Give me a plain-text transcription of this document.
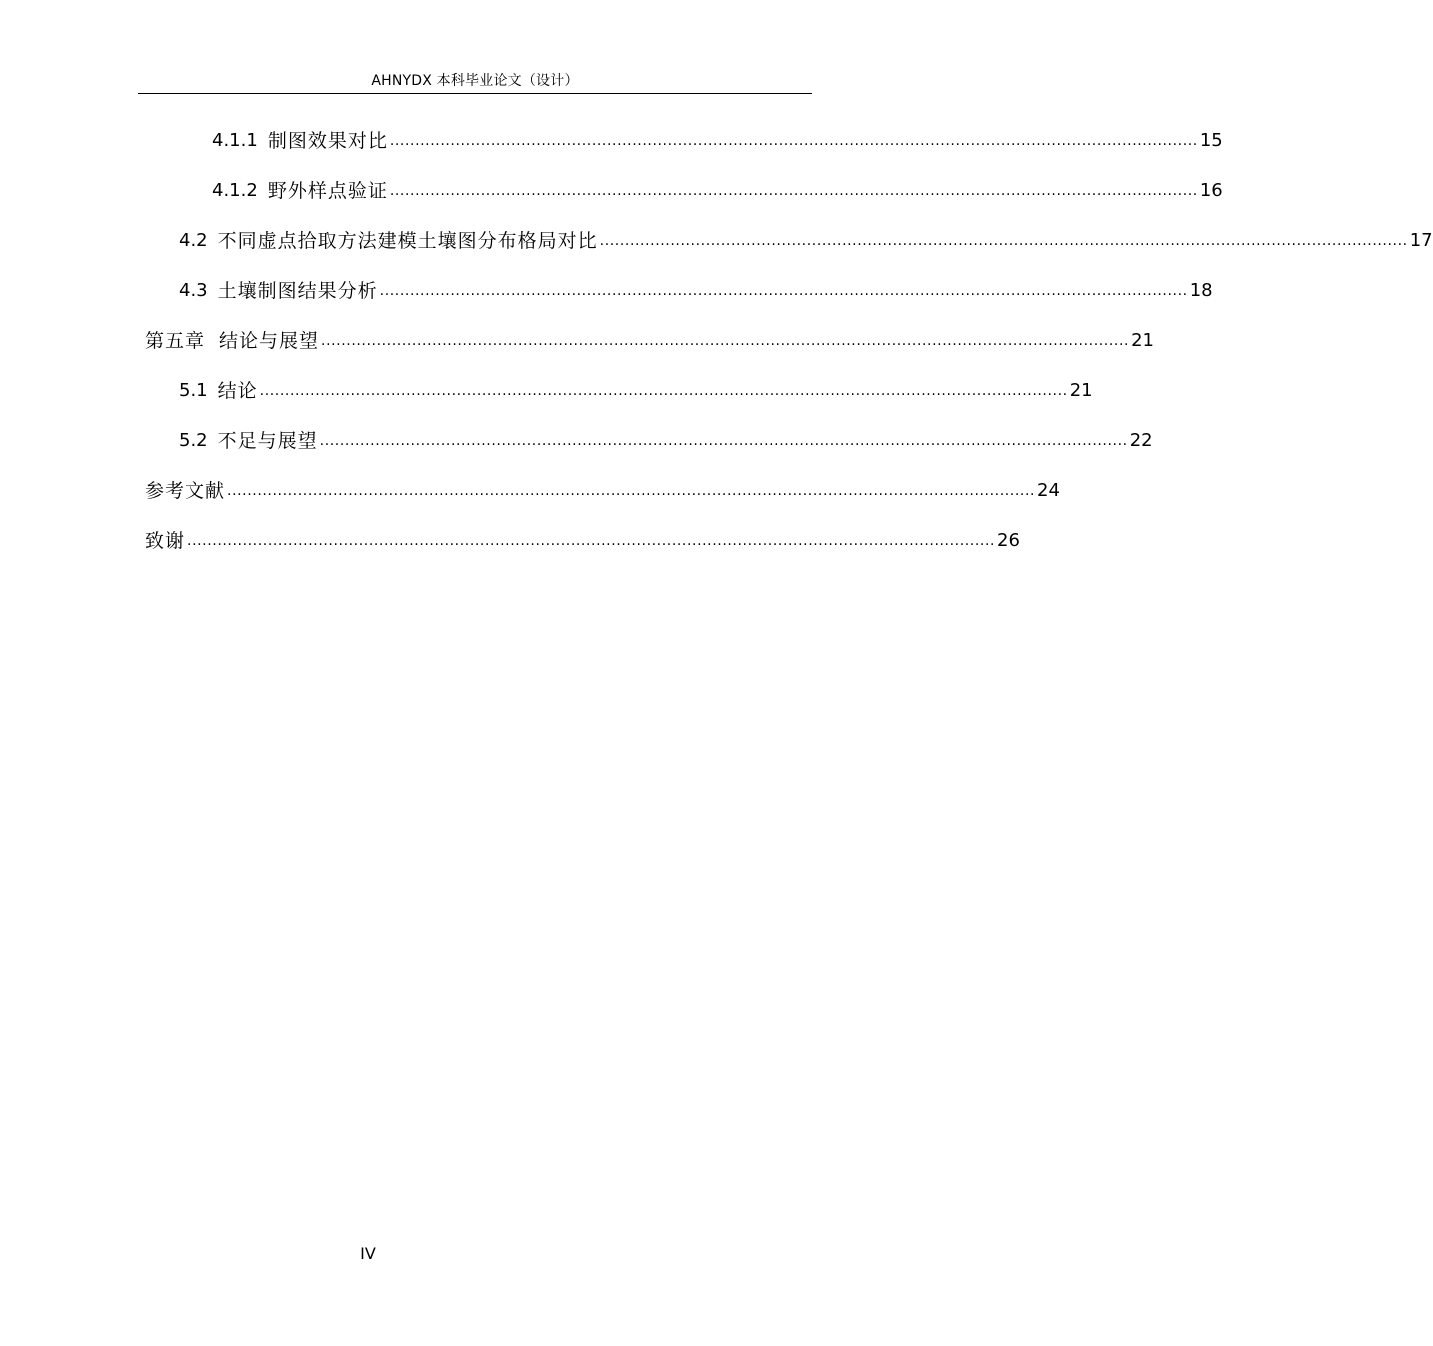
AHNYDX 本科毕业论文（设计）
4.1.1 制图效果对比 ................................................................................................................................................................ 15
4.1.2 野外样点验证 ................................................................................................................................................................ 16
4.2 不同虚点拾取方法建模土壤图分布格局对比 ................................................................................................................................................................ 17
4.3 土壤制图结果分析 ................................................................................................................................................................ 18
第五章 结论与展望 ................................................................................................................................................................ 21
5.1 结论 ................................................................................................................................................................ 21
5.2 不足与展望 ................................................................................................................................................................ 22
参考文献 ................................................................................................................................................................ 24
致谢 ................................................................................................................................................................ 26
IV
